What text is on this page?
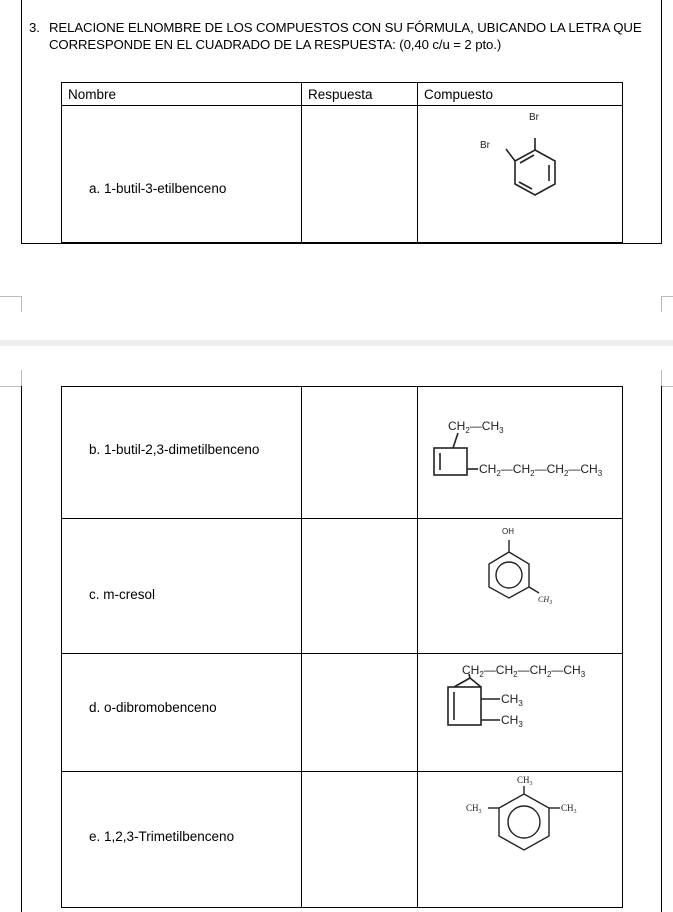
3. RELACIONE ELNOMBRE DE LOS COMPUESTOS CON SU FÓRMULA, UBICANDO LA LETRA QUE
CORRESPONDE EN EL CUADRADO DE LA RESPUESTA: (0,40 c/u = 2 pto.)
Nombre	Respuesta	Compuesto
a. 1-butil-3-etilbenceno		Br
Br
b. 1-butil-2,3-dimetilbenceno		$CH_2—CH_3$
$CH_2—CH_2—CH_2—CH_3$

c. m-cresol		OH
$CH_3$

d. o-dibromobenceno		$CH_2—CH_2—CH_2—CH_3$
$CH_3$
$CH_3$

e. 1,2,3-Trimetilbenceno		$CH_3$
$CH_3$ $CH_3$
